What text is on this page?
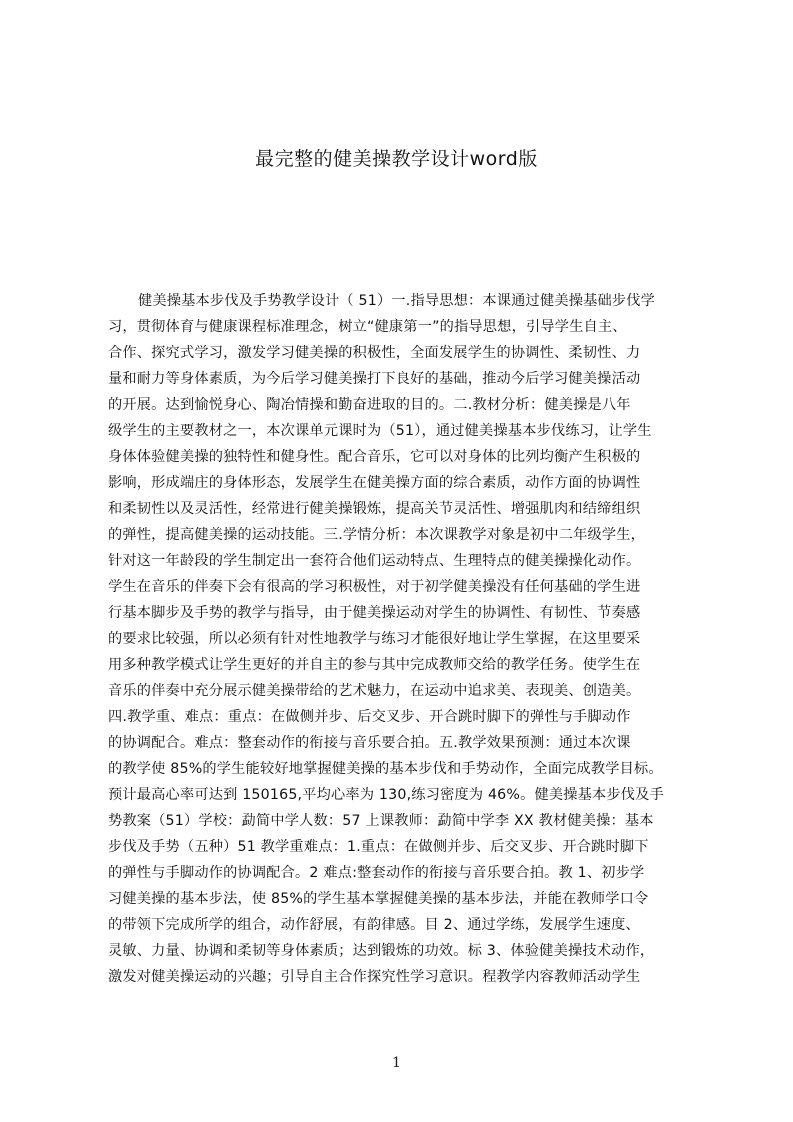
最完整的健美操教学设计word版
健美操基本步伐及手势教学设计（ 51）一.指导思想：本课通过健美操基础步伐学
习，贯彻体育与健康课程标准理念，树立“健康第一”的指导思想，引导学生自主、
合作、探究式学习，激发学习健美操的积极性，全面发展学生的协调性、柔韧性、力
量和耐力等身体素质，为今后学习健美操打下良好的基础，推动今后学习健美操活动
的开展。达到愉悦身心、陶冶情操和勤奋进取的目的。二.教材分析：健美操是八年
级学生的主要教材之一，本次课单元课时为（51），通过健美操基本步伐练习，让学生
身体体验健美操的独特性和健身性。配合音乐，它可以对身体的比列均衡产生积极的
影响，形成端庄的身体形态，发展学生在健美操方面的综合素质，动作方面的协调性
和柔韧性以及灵活性，经常进行健美操锻炼，提高关节灵活性、增强肌肉和结缔组织
的弹性，提高健美操的运动技能。三.学情分析：本次课教学对象是初中二年级学生，
针对这一年龄段的学生制定出一套符合他们运动特点、生理特点的健美操操化动作。
学生在音乐的伴奏下会有很高的学习积极性，对于初学健美操没有任何基础的学生进
行基本脚步及手势的教学与指导，由于健美操运动对学生的协调性、有韧性、节奏感
的要求比较强，所以必须有针对性地教学与练习才能很好地让学生掌握，在这里要采
用多种教学模式让学生更好的并自主的参与其中完成教师交给的教学任务。使学生在
音乐的伴奏中充分展示健美操带给的艺术魅力，在运动中追求美、表现美、创造美。
四.教学重、难点：重点：在做侧并步、后交叉步、开合跳时脚下的弹性与手脚动作
的协调配合。难点：整套动作的衔接与音乐要合拍。五.教学效果预测：通过本次课
的教学使 85%的学生能较好地掌握健美操的基本步伐和手势动作，全面完成教学目标。
预计最高心率可达到 150165,平均心率为 130,练习密度为 46%。健美操基本步伐及手
势教案（51）学校：勐简中学人数：57 上课教师：勐简中学李 XX 教材健美操：基本
步伐及手势（五种）51 教学重难点：1.重点：在做侧并步、后交叉步、开合跳时脚下
的弹性与手脚动作的协调配合。2 难点:整套动作的衔接与音乐要合拍。教 1、初步学
习健美操的基本步法，使 85%的学生基本掌握健美操的基本步法，并能在教师学口令
的带领下完成所学的组合，动作舒展，有韵律感。目 2、通过学练，发展学生速度、
灵敏、力量、协调和柔韧等身体素质；达到锻炼的功效。标 3、体验健美操技术动作，
激发对健美操运动的兴趣；引导自主合作探究性学习意识。程教学内容教师活动学生
1
